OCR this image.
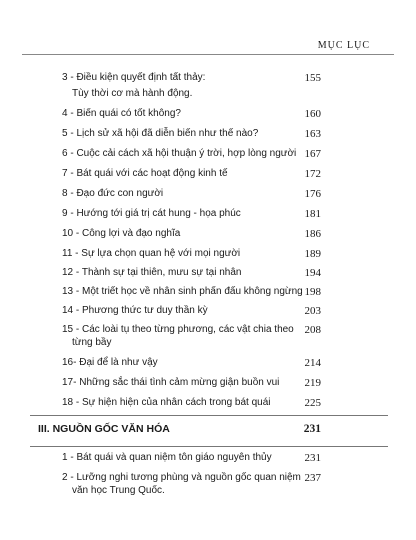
MỤC LỤC
3 - Điều kiện quyết định tất thảy:	155
Tùy thời cơ mà hành động.
4 - Biến quái có tốt không?	160
5 - Lịch sử xã hội đã diễn biến như thế nào?	163
6 - Cuộc cải cách xã hội thuận ý trời, hợp lòng người 167
7 - Bát quái với các hoạt động kinh tế	172
8 - Đạo đức con người	176
9 - Hướng tới giá trị cát hung - họa phúc	181
10 - Công lợi và đạo nghĩa	186
11 - Sự lựa chọn quan hệ với mọi người	189
12 - Thành sự tại thiên, mưu sự tại nhân	194
13 - Một triết học về nhân sinh phấn đấu không ngừng 198
14 - Phương thức tư duy thần kỳ	203
15 - Các loài tụ theo từng phương, các vật chia theo 208
từng bầy
16- Đại để là như vậy	214
17- Những sắc thái tình cảm mừng giận buồn vui	219
18 - Sự hiện hiện của nhân cách trong bát quái	225
III. NGUỒN GỐC VĂN HÓA	231
1 - Bát quái và quan niệm tôn giáo nguyên thủy	231
2 - Lưỡng nghi tương phùng và nguồn gốc quan niệm 237
văn học Trung Quốc.
